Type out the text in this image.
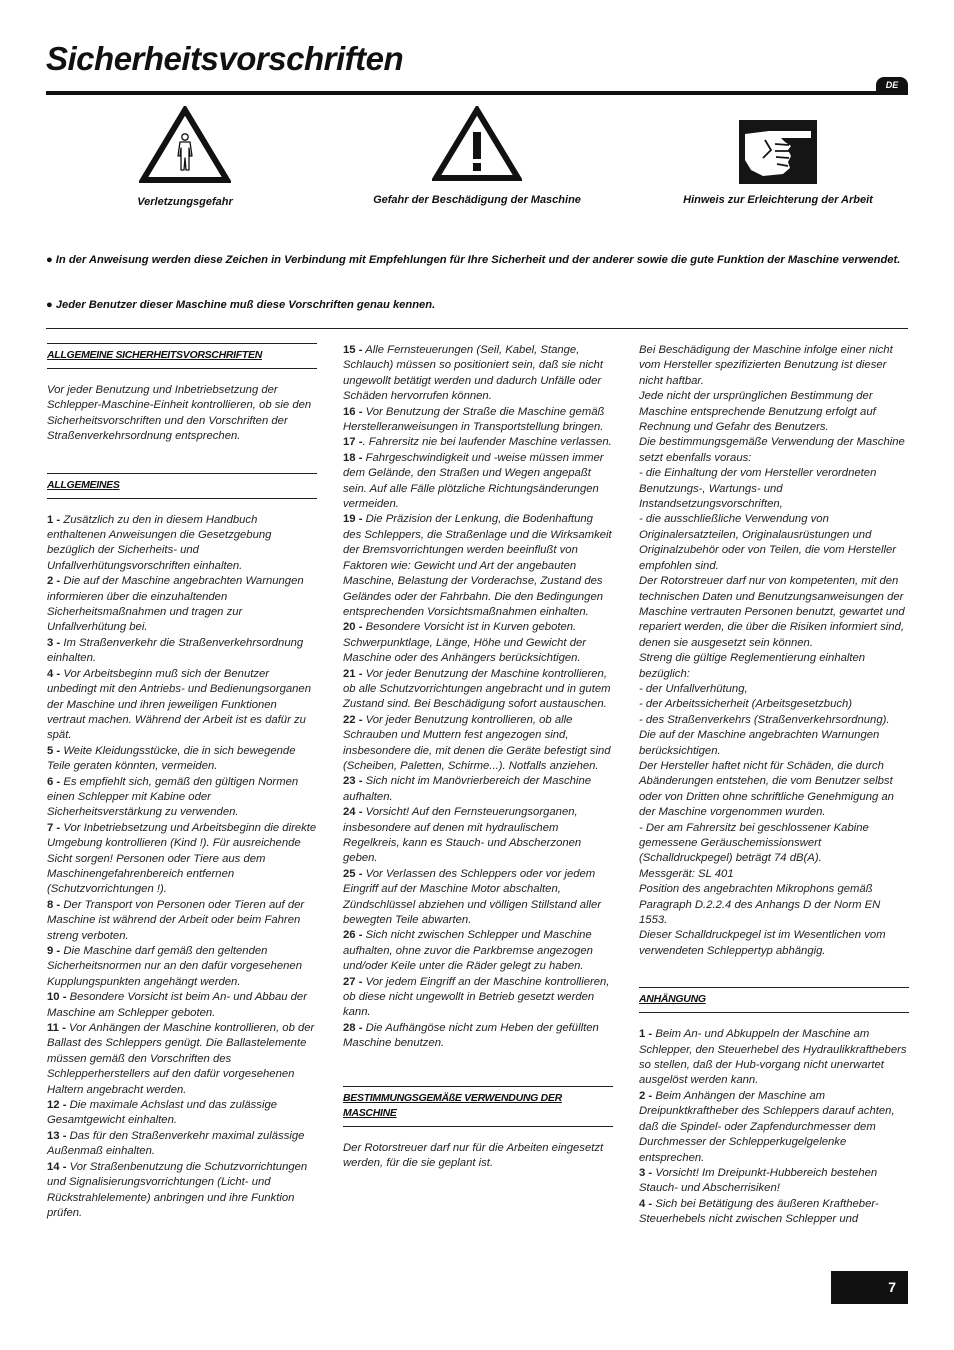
Sicherheitsvorschriften
DE
Verletzungsgefahr	Gefahr der Beschädigung der Maschine	Hinweis zur Erleichterung der Arbeit

● In der Anweisung werden diese Zeichen in Verbindung mit Empfehlungen für Ihre Sicherheit und der anderer sowie die gute Funktion der Maschine verwendet.

● Jeder Benutzer dieser Maschine muß diese Vorschriften genau kennen.

ALLGEMEINE SICHERHEITSVORSCHRIFTEN

Vor jeder Benutzung und Inbetriebsetzung der Schlepper-Maschine-Einheit kontrollieren, ob sie den Sicherheitsvorschriften und den Vorschriften der Straßenverkehrsordnung entsprechen.

ALLGEMEINES

1 - Zusätzlich zu den in diesem Handbuch enthaltenen Anweisungen die Gesetzgebung bezüglich der Sicherheits- und Unfallverhütungsvorschriften einhalten.

2 - Die auf der Maschine angebrachten Warnungen informieren über die einzuhaltenden Sicherheitsmaßnahmen und tragen zur Unfallverhütung bei.

3 - Im Straßenverkehr die Straßenverkehrsordnung einhalten.

4 - Vor Arbeitsbeginn muß sich der Benutzer unbedingt mit den Antriebs- und Bedienungsorganen der Maschine und ihren jeweiligen Funktionen vertraut machen. Während der Arbeit ist es dafür zu spät.

5 - Weite Kleidungsstücke, die in sich bewegende Teile geraten könnten, vermeiden.

6 - Es empfiehlt sich, gemäß den gültigen Normen einen Schlepper mit Kabine oder Sicherheitsverstärkung zu verwenden.

7 - Vor Inbetriebsetzung und Arbeitsbeginn die direkte Umgebung kontrollieren (Kind !). Für ausreichende Sicht sorgen! Personen oder Tiere aus dem Maschinengefahrenbereich entfernen (Schutzvorrichtungen !).

8 - Der Transport von Personen oder Tieren auf der Maschine ist während der Arbeit oder beim Fahren streng verboten.

9 - Die Maschine darf gemäß den geltenden Sicherheitsnormen nur an den dafür vorgesehenen Kupplungspunkten angehängt werden.

10 - Besondere Vorsicht ist beim An- und Abbau der Maschine am Schlepper geboten.

11 - Vor Anhängen der Maschine kontrollieren, ob der Ballast des Schleppers genügt. Die Ballastelemente müssen gemäß den Vorschriften des Schlepperherstellers auf den dafür vorgesehenen Haltern angebracht werden.

12 - Die maximale Achslast und das zulässige Gesamtgewicht einhalten.

13 - Das für den Straßenverkehr maximal zulässige Außenmaß einhalten.

14 - Vor Straßenbenutzung die Schutzvorrichtungen und Signalisierungsvorrichtungen (Licht- und Rückstrahlelemente) anbringen und ihre Funktion prüfen.

15 - Alle Fernsteuerungen (Seil, Kabel, Stange, Schlauch) müssen so positioniert sein, daß sie nicht ungewollt betätigt werden und dadurch Unfälle oder Schäden hervorrufen können.

16 - Vor Benutzung der Straße die Maschine gemäß Herstelleranweisungen in Transportstellung bringen.

17 -. Fahrersitz nie bei laufender Maschine verlassen.

18 - Fahrgeschwindigkeit und -weise müssen immer dem Gelände, den Straßen und Wegen angepaßt sein. Auf alle Fälle plötzliche Richtungsänderungen vermeiden.

19 - Die Präzision der Lenkung, die Bodenhaftung des Schleppers, die Straßenlage und die Wirksamkeit der Bremsvorrichtungen werden beeinflußt von Faktoren wie: Gewicht und Art der angebauten Maschine, Belastung der Vorderachse, Zustand des Geländes oder der Fahrbahn. Die den Bedingungen entsprechenden Vorsichtsmaßnahmen einhalten.

20 - Besondere Vorsicht ist in Kurven geboten. Schwerpunktlage, Länge, Höhe und Gewicht der Maschine oder des Anhängers berücksichtigen.

21 - Vor jeder Benutzung der Maschine kontrollieren, ob alle Schutzvorrichtungen angebracht und in gutem Zustand sind. Bei Beschädigung sofort austauschen.

22 - Vor jeder Benutzung kontrollieren, ob alle Schrauben und Muttern fest angezogen sind, insbesondere die, mit denen die Geräte befestigt sind (Scheiben, Paletten, Schirme...). Notfalls anziehen.

23 - Sich nicht im Manövrierbereich der Maschine aufhalten.

24 - Vorsicht! Auf den Fernsteuerungsorganen, insbesondere auf denen mit hydraulischem Regelkreis, kann es Stauch- und Abscherzonen geben.

25 - Vor Verlassen des Schleppers oder vor jedem Eingriff auf der Maschine Motor abschalten, Zündschlüssel abziehen und völligen Stillstand aller bewegten Teile abwarten.

26 - Sich nicht zwischen Schlepper und Maschine aufhalten, ohne zuvor die Parkbremse angezogen und/oder Keile unter die Räder gelegt zu haben.

27 - Vor jedem Eingriff an der Maschine kontrollieren, ob diese nicht ungewollt in Betrieb gesetzt werden kann.

28 - Die Aufhängöse nicht zum Heben der gefüllten Maschine benutzen.

BESTIMMUNGSGEMÄßE VERWENDUNG DER MASCHINE

Der Rotorstreuer darf nur für die Arbeiten eingesetzt werden, für die sie geplant ist.

Bei Beschädigung der Maschine infolge einer nicht vom Hersteller spezifizierten Benutzung ist dieser nicht haftbar.

Jede nicht der ursprünglichen Bestimmung der Maschine entsprechende Benutzung erfolgt auf Rechnung und Gefahr des Benutzers.

Die bestimmungsgemäße Verwendung der Maschine setzt ebenfalls voraus:

- die Einhaltung der vom Hersteller verordneten Benutzungs-, Wartungs- und Instandsetzungsvorschriften,

- die ausschließliche Verwendung von Originalersatzteilen, Originalausrüstungen und Originalzubehör oder von Teilen, die vom Hersteller empfohlen sind.

Der Rotorstreuer darf nur von kompetenten, mit den technischen Daten und Benutzungsanweisungen der Maschine vertrauten Personen benutzt, gewartet und repariert werden, die über die Risiken informiert sind, denen sie ausgesetzt sein können.

Streng die gültige Reglementierung einhalten bezüglich:

- der Unfallverhütung,

- der Arbeitssicherheit (Arbeitsgesetzbuch)

- des Straßenverkehrs (Straßenverkehrsordnung).

Die auf der Maschine angebrachten Warnungen berücksichtigen.

Der Hersteller haftet nicht für Schäden, die durch Abänderungen entstehen, die vom Benutzer selbst oder von Dritten ohne schriftliche Genehmigung an der Maschine vorgenommen wurden.

- Der am Fahrersitz bei geschlossener Kabine gemessene Geräuschemissionswert (Schalldruckpegel) beträgt 74 dB(A).

Messgerät: SL 401

Position des angebrachten Mikrophons gemäß Paragraph D.2.2.4 des Anhangs D der Norm EN 1553.

Dieser Schalldruckpegel ist im Wesentlichen vom verwendeten Schleppertyp abhängig.

ANHÄNGUNG

1 - Beim An- und Abkuppeln der Maschine am Schlepper, den Steuerhebel des Hydraulikkrafthebers so stellen, daß der Hub-vorgang nicht unerwartet ausgelöst werden kann.

2 - Beim Anhängen der Maschine am Dreipunktkraftheber des Schleppers darauf achten, daß die Spindel- oder Zapfendurchmesser dem Durchmesser der Schlepperkugelgelenke entsprechen.

3 - Vorsicht! Im Dreipunkt-Hubbereich bestehen Stauch- und Abscherrisiken!

4 - Sich bei Betätigung des äußeren Kraftheber-Steuerhebels nicht zwischen Schlepper und

7
